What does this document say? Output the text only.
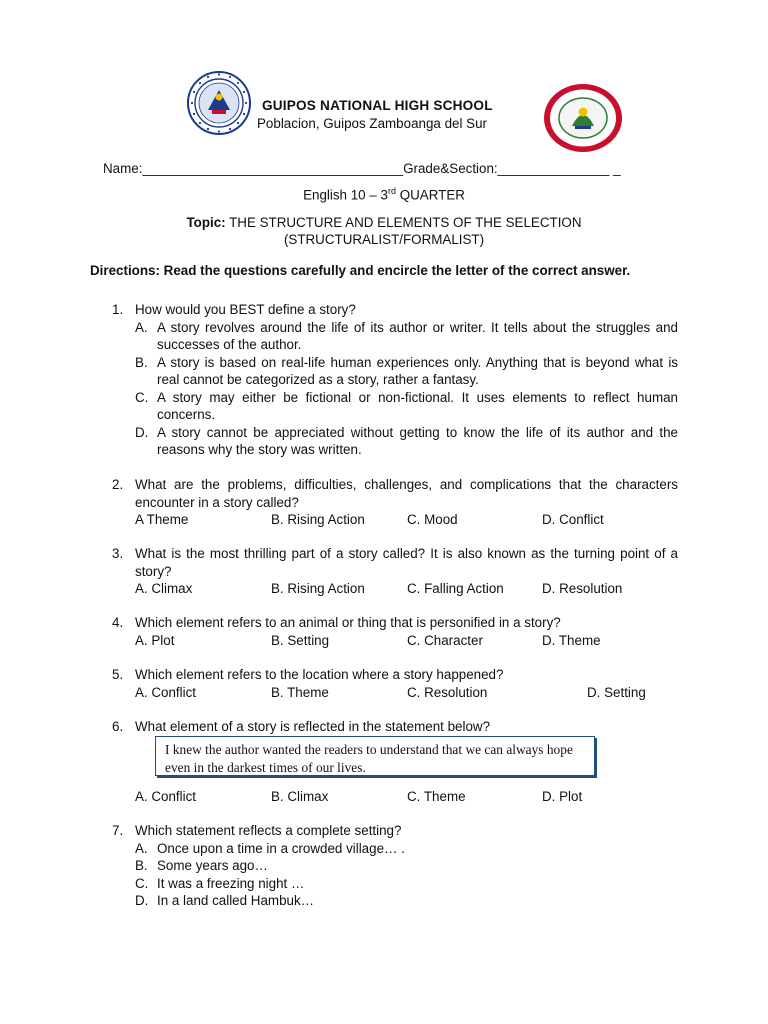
GUIPOS NATIONAL HIGH SCHOOL
Poblacion, Guipos Zamboanga del Sur
Name:___________________________________Grade&Section:_______________ _
English 10 – 3rd QUARTER
Topic: THE STRUCTURE AND ELEMENTS OF THE SELECTION
(STRUCTURALIST/FORMALIST)
Directions: Read the questions carefully and encircle the letter of the correct answer.
1. How would you BEST define a story?
A. A story revolves around the life of its author or writer. It tells about the struggles and successes of the author.
B. A story is based on real-life human experiences only. Anything that is beyond what is real cannot be categorized as a story, rather a fantasy.
C. A story may either be fictional or non-fictional. It uses elements to reflect human concerns.
D. A story cannot be appreciated without getting to know the life of its author and the reasons why the story was written.
2. What are the problems, difficulties, challenges, and complications that the characters encounter in a story called?
A Theme	B. Rising Action	C. Mood	D. Conflict
3. What is the most thrilling part of a story called? It is also known as the turning point of a story?
A. Climax	B. Rising Action	C. Falling Action	D. Resolution
4. Which element refers to an animal or thing that is personified in a story?
A. Plot	B. Setting	C. Character	D. Theme
5. Which element refers to the location where a story happened?
A. Conflict	B. Theme	C. Resolution	D. Setting
6. What element of a story is reflected in the statement below?
I knew the author wanted the readers to understand that we can always hope even in the darkest times of our lives.
A. Conflict	B. Climax	C. Theme	D. Plot
7. Which statement reflects a complete setting?
A. Once upon a time in a crowded village… .
B. Some years ago…
C. It was a freezing night …
D. In a land called Hambuk…
